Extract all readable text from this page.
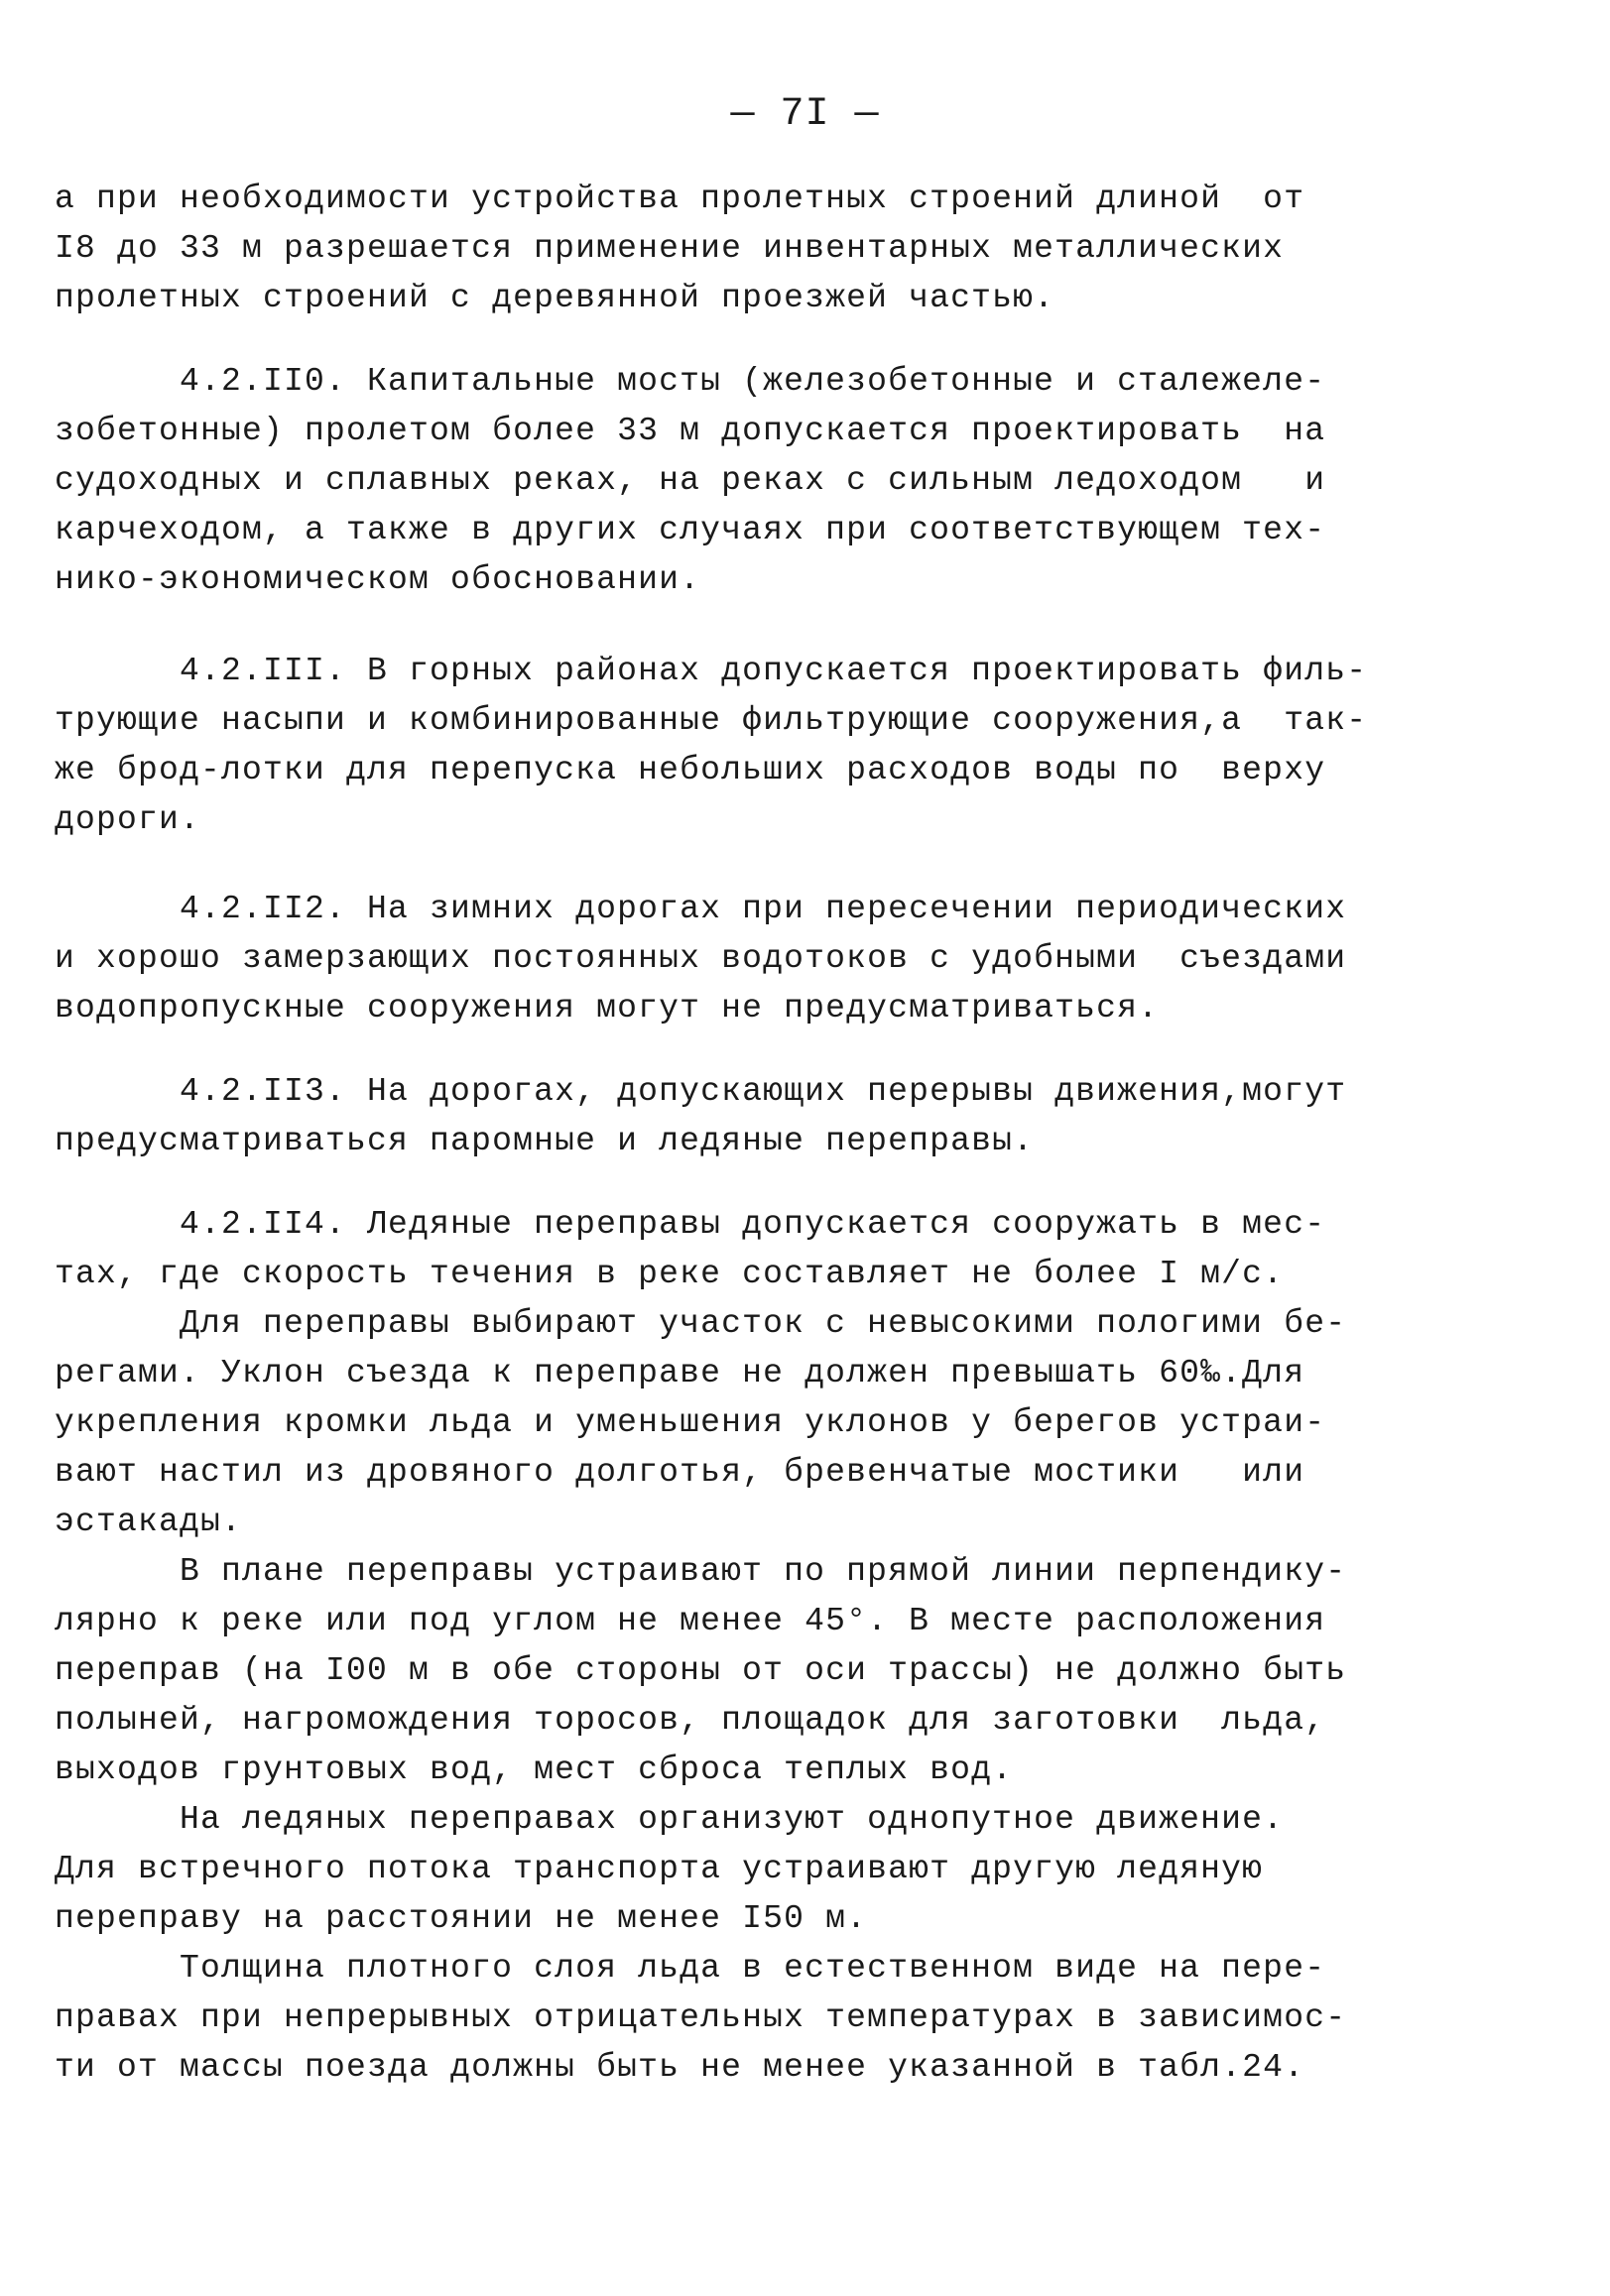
— 7I —
а при необходимости устройства пролетных строений длиной  от
I8 до 33 м разрешается применение инвентарных металлических
пролетных строений с деревянной проезжей частью.
4.2.II0. Капитальные мосты (железобетонные и сталежеле-
зобетонные) пролетом более 33 м допускается проектировать  на
судоходных и сплавных реках, на реках с сильным ледоходом   и
карчеходом, а также в других случаях при соответствующем тех-
нико-экономическом обосновании.
4.2.III. В горных районах допускается проектировать филь-
трующие насыпи и комбинированные фильтрующие сооружения,а  так-
же брод-лотки для перепуска небольших расходов воды по  верху
дороги.
4.2.II2. На зимних дорогах при пересечении периодических
и хорошо замерзающих постоянных водотоков с удобными  съездами
водопропускные сооружения могут не предусматриваться.
4.2.II3. На дорогах, допускающих перерывы движения,могут
предусматриваться паромные и ледяные переправы.
4.2.II4. Ледяные переправы допускается сооружать в мес-
тах, где скорость течения в реке составляет не более I м/с.
Для переправы выбирают участок с невысокими пологими бе-
регами. Уклон съезда к переправе не должен превышать 60‰.Для
укрепления кромки льда и уменьшения уклонов у берегов устраи-
вают настил из дровяного долготья, бревенчатые мостики   или
эстакады.
В плане переправы устраивают по прямой линии перпендику-
лярно к реке или под углом не менее 45°. В месте расположения
переправ (на I00 м в обе стороны от оси трассы) не должно быть
полыней, нагромождения торосов, площадок для заготовки  льда,
выходов грунтовых вод, мест сброса теплых вод.
На ледяных переправах организуют однопутное движение.
Для встречного потока транспорта устраивают другую ледяную
переправу на расстоянии не менее I50 м.
Толщина плотного слоя льда в естественном виде на пере-
правах при непрерывных отрицательных температурах в зависимос-
ти от массы поезда должны быть не менее указанной в табл.24.
